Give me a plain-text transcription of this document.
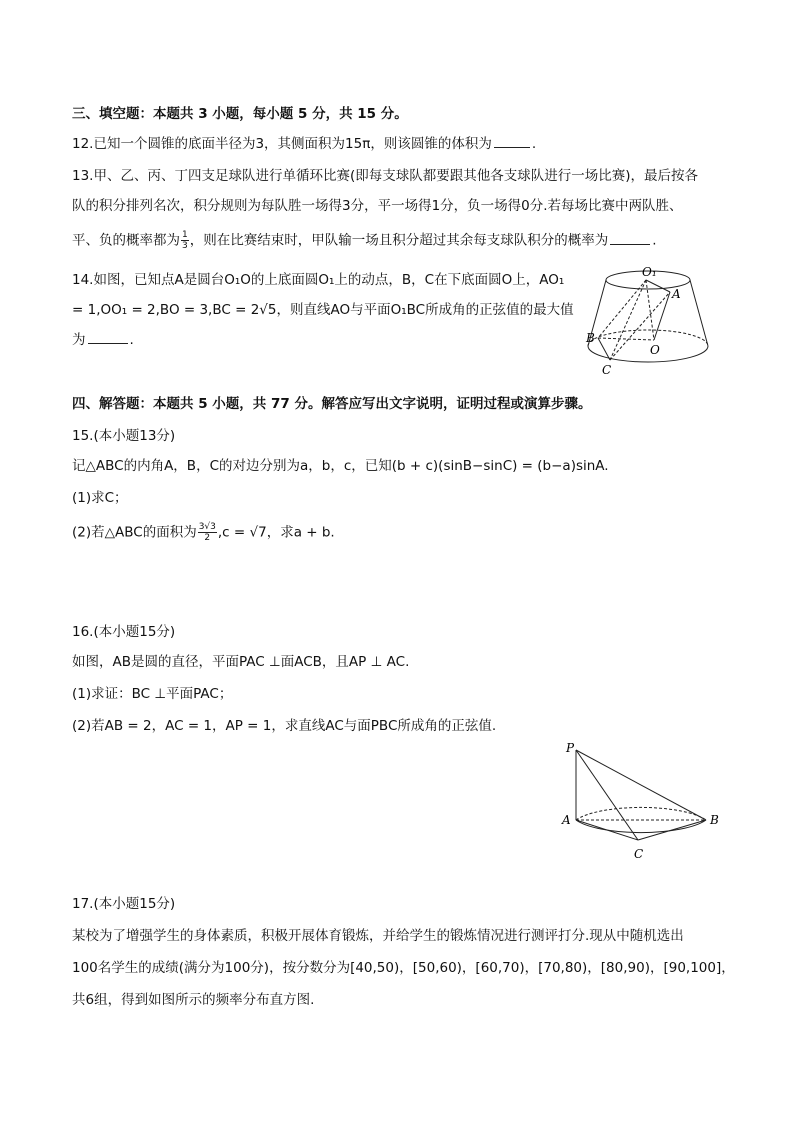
三、填空题：本题共 3 小题，每小题 5 分，共 15 分。
12.已知一个圆锥的底面半径为3，其侧面积为15π，则该圆锥的体积为	.
13.甲、乙、丙、丁四支足球队进行单循环比赛(即每支球队都要跟其他各支球队进行一场比赛)，最后按各
队的积分排列名次，积分规则为每队胜一场得3分，平一场得1分，负一场得0分.若每场比赛中两队胜、
平、负的概率都为 $\frac{1}{3}$ ，则在比赛结束时，甲队输一场且积分超过其余每支球队积分的概率为	.
14.如图，已知点A是圆台O₁O的上底面圆O₁上的动点，B，C在下底面圆O上，AO₁
= 1,OO₁ = 2,BO = 3,BC = 2√5，则直线AO与平面O₁BC所成角的正弦值的最大值
为	.
O₁
A
B
O
C
四、解答题：本题共 5 小题，共 77 分。解答应写出文字说明，证明过程或演算步骤。
15.(本小题13分)
记△ABC的内角A，B，C的对边分别为a，b，c，已知(b + c)(sinB−sinC) = (b−a)sinA.
(1)求C；
(2)若△ABC的面积为 $\frac{3√3}{2} ,c = √7$，求a + b.
16.(本小题15分)
如图，AB是圆的直径，平面PAC ⊥面ACB，且AP ⊥ AC.
(1)求证：BC ⊥平面PAC；
(2)若AB = 2，AC = 1，AP = 1，求直线AC与面PBC所成角的正弦值.
P
A	B
C
17.(本小题15分)
某校为了增强学生的身体素质，积极开展体育锻炼，并给学生的锻炼情况进行测评打分.现从中随机选出
100名学生的成绩(满分为100分)，按分数分为[40,50)，[50,60)，[60,70)，[70,80)，[80,90)，[90,100]，
共6组，得到如图所示的频率分布直方图.
